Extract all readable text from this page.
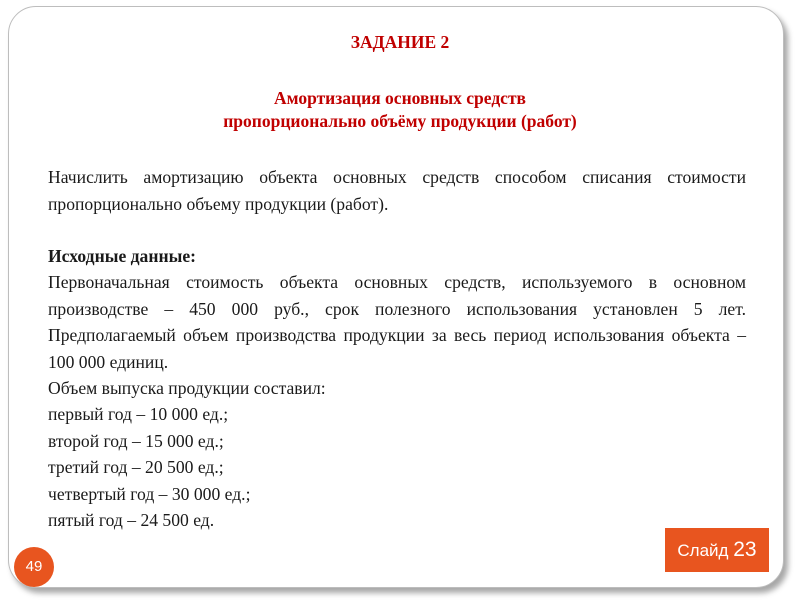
ЗАДАНИЕ 2
Амортизация основных средств
пропорционально объёму продукции (работ)

Начислить амортизацию объекта основных средств способом списания стоимости пропорционально объему продукции (работ).

Исходные данные:

Первоначальная стоимость объекта основных средств, используемого в основном производстве – 450 000 руб., срок полезного использования установлен 5 лет. Предполагаемый объем производства продукции за весь период использования объекта – 100 000 единиц.

Объем выпуска продукции составил:

первый год – 10 000 ед.;
второй год – 15 000 ед.;
третий год – 20 500 ед.;
четвертый год – 30 000 ед.;
пятый год – 24 500 ед.
49
Слайд 23
